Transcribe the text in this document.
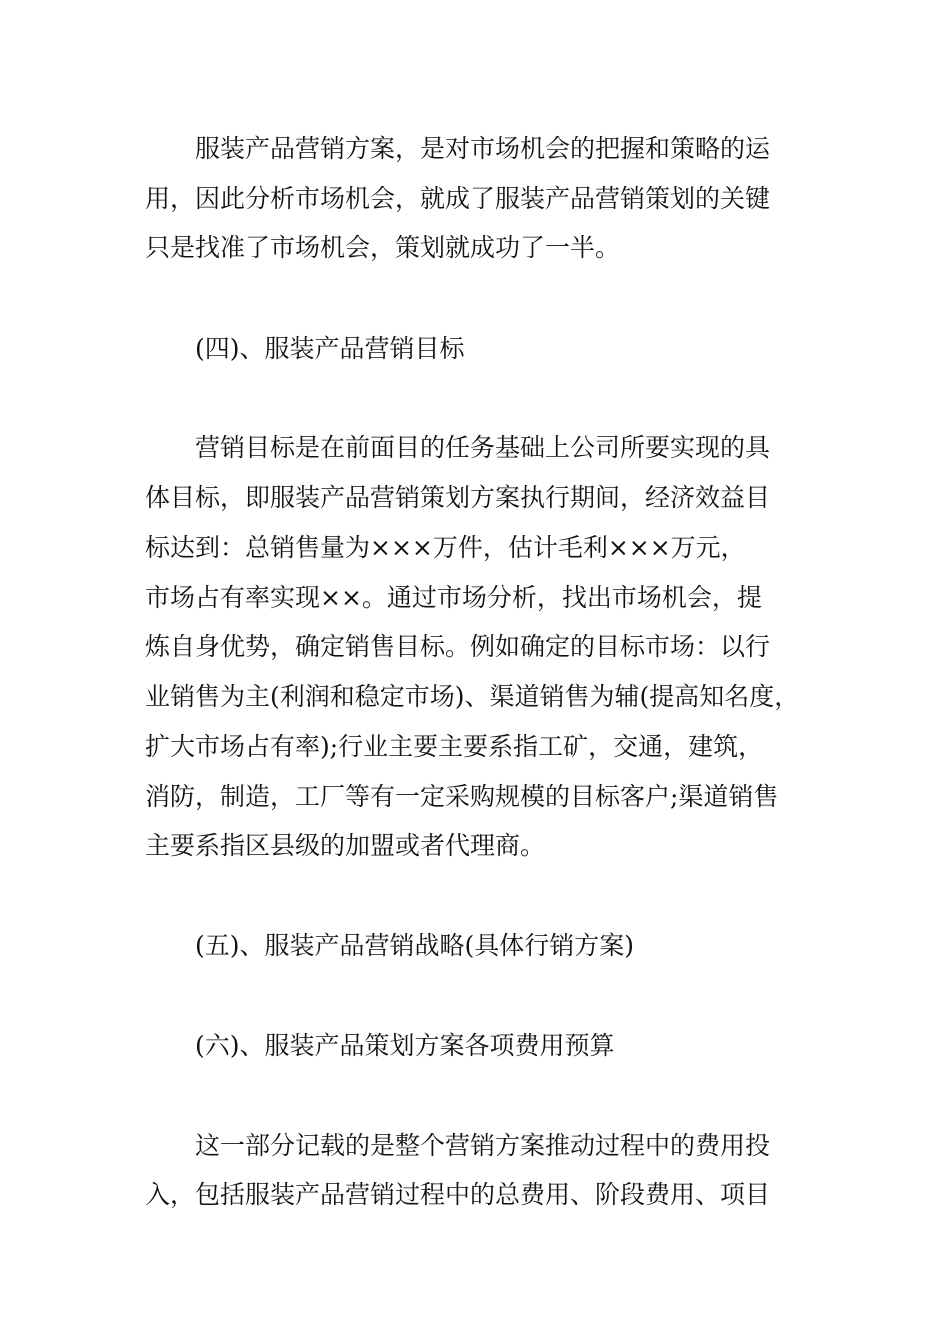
　　服装产品营销方案，是对市场机会的把握和策略的运

用，因此分析市场机会，就成了服装产品营销策划的关键

只是找准了市场机会，策划就成功了一半。

　　(四)、服装产品营销目标

　　营销目标是在前面目的任务基础上公司所要实现的具

体目标，即服装产品营销策划方案执行期间，经济效益目

标达到：总销售量为×××万件，估计毛利×××万元，

市场占有率实现××。通过市场分析，找出市场机会，提

炼自身优势，确定销售目标。例如确定的目标市场：以行

业销售为主(利润和稳定市场)、渠道销售为辅(提高知名度，

扩大市场占有率);行业主要主要系指工矿，交通，建筑，

消防，制造，工厂等有一定采购规模的目标客户;渠道销售

主要系指区县级的加盟或者代理商。

　　(五)、服装产品营销战略(具体行销方案)

　　(六)、服装产品策划方案各项费用预算

　　这一部分记载的是整个营销方案推动过程中的费用投

入，包括服装产品营销过程中的总费用、阶段费用、项目
